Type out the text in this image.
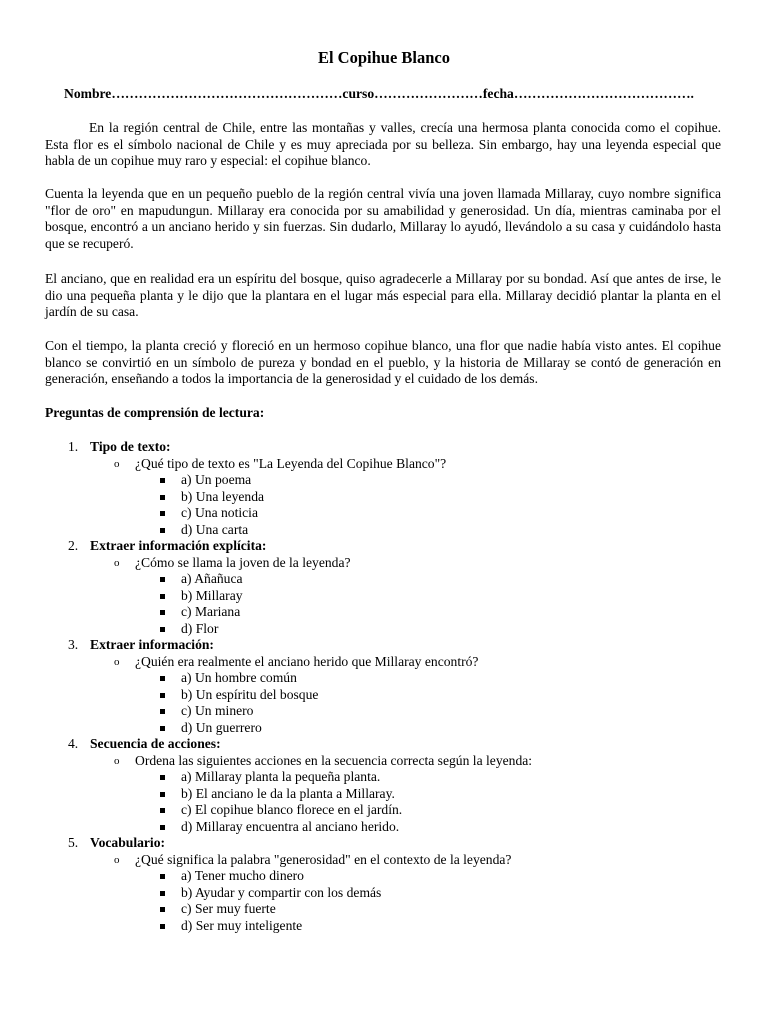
El Copihue Blanco
Nombre……………………………………………curso……………………fecha………………………………….

En la región central de Chile, entre las montañas y valles, crecía una hermosa planta conocida como el copihue. Esta flor es el símbolo nacional de Chile y es muy apreciada por su belleza. Sin embargo, hay una leyenda especial que habla de un copihue muy raro y especial: el copihue blanco.

Cuenta la leyenda que en un pequeño pueblo de la región central vivía una joven llamada Millaray, cuyo nombre significa "flor de oro" en mapudungun. Millaray era conocida por su amabilidad y generosidad. Un día, mientras caminaba por el bosque, encontró a un anciano herido y sin fuerzas. Sin dudarlo, Millaray lo ayudó, llevándolo a su casa y cuidándolo hasta que se recuperó.

El anciano, que en realidad era un espíritu del bosque, quiso agradecerle a Millaray por su bondad. Así que antes de irse, le dio una pequeña planta y le dijo que la plantara en el lugar más especial para ella. Millaray decidió plantar la planta en el jardín de su casa.

Con el tiempo, la planta creció y floreció en un hermoso copihue blanco, una flor que nadie había visto antes. El copihue blanco se convirtió en un símbolo de pureza y bondad en el pueblo, y la historia de Millaray se contó de generación en generación, enseñando a todos la importancia de la generosidad y el cuidado de los demás.

Preguntas de comprensión de lectura:
1. Tipo de texto:
o ¿Qué tipo de texto es "La Leyenda del Copihue Blanco"?
a) Un poema
b) Una leyenda
c) Una noticia
d) Una carta
2. Extraer información explícita:
o ¿Cómo se llama la joven de la leyenda?
a) Añañuca
b) Millaray
c) Mariana
d) Flor
3. Extraer información:
o ¿Quién era realmente el anciano herido que Millaray encontró?
a) Un hombre común
b) Un espíritu del bosque
c) Un minero
d) Un guerrero
4. Secuencia de acciones:
o Ordena las siguientes acciones en la secuencia correcta según la leyenda:
a) Millaray planta la pequeña planta.
b) El anciano le da la planta a Millaray.
c) El copihue blanco florece en el jardín.
d) Millaray encuentra al anciano herido.
5. Vocabulario:
o ¿Qué significa la palabra "generosidad" en el contexto de la leyenda?
a) Tener mucho dinero
b) Ayudar y compartir con los demás
c) Ser muy fuerte
d) Ser muy inteligente
